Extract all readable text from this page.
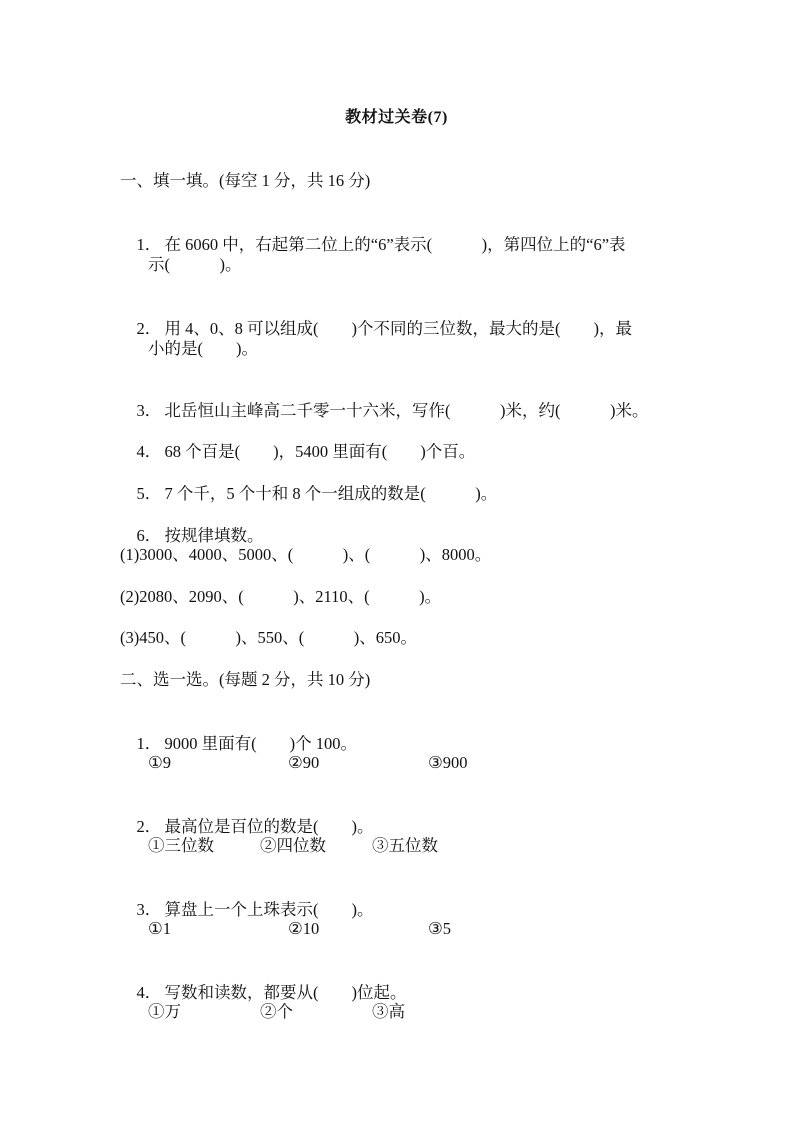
教材过关卷(7)
一、填一填。(每空 1 分，共 16 分)

1． 在 6060 中，右起第二位上的“6”表示(            )，第四位上的“6”表

示(            )。

2． 用 4、0、8 可以组成(        )个不同的三位数，最大的是(        )，最

小的是(        )。

3． 北岳恒山主峰高二千零一十六米，写作(            )米，约(            )米。

4． 68 个百是(        )，5400 里面有(        )个百。

5． 7 个千，5 个十和 8 个一组成的数是(            )。

6． 按规律填数。

(1)3000、4000、5000、(            )、(            )、8000。
(2)2080、2090、(            )、2110、(            )。
(3)450、(            )、550、(            )、650。
二、选一选。(每题 2 分，共 10 分)

1． 9000 里面有(        )个 100。

①9	②90	③900

2． 最高位是百位的数是(        )。

①三位数	②四位数	③五位数

3． 算盘上一个上珠表示(        )。

①1	②10	③5

4． 写数和读数，都要从(        )位起。

①万	②个	③高
